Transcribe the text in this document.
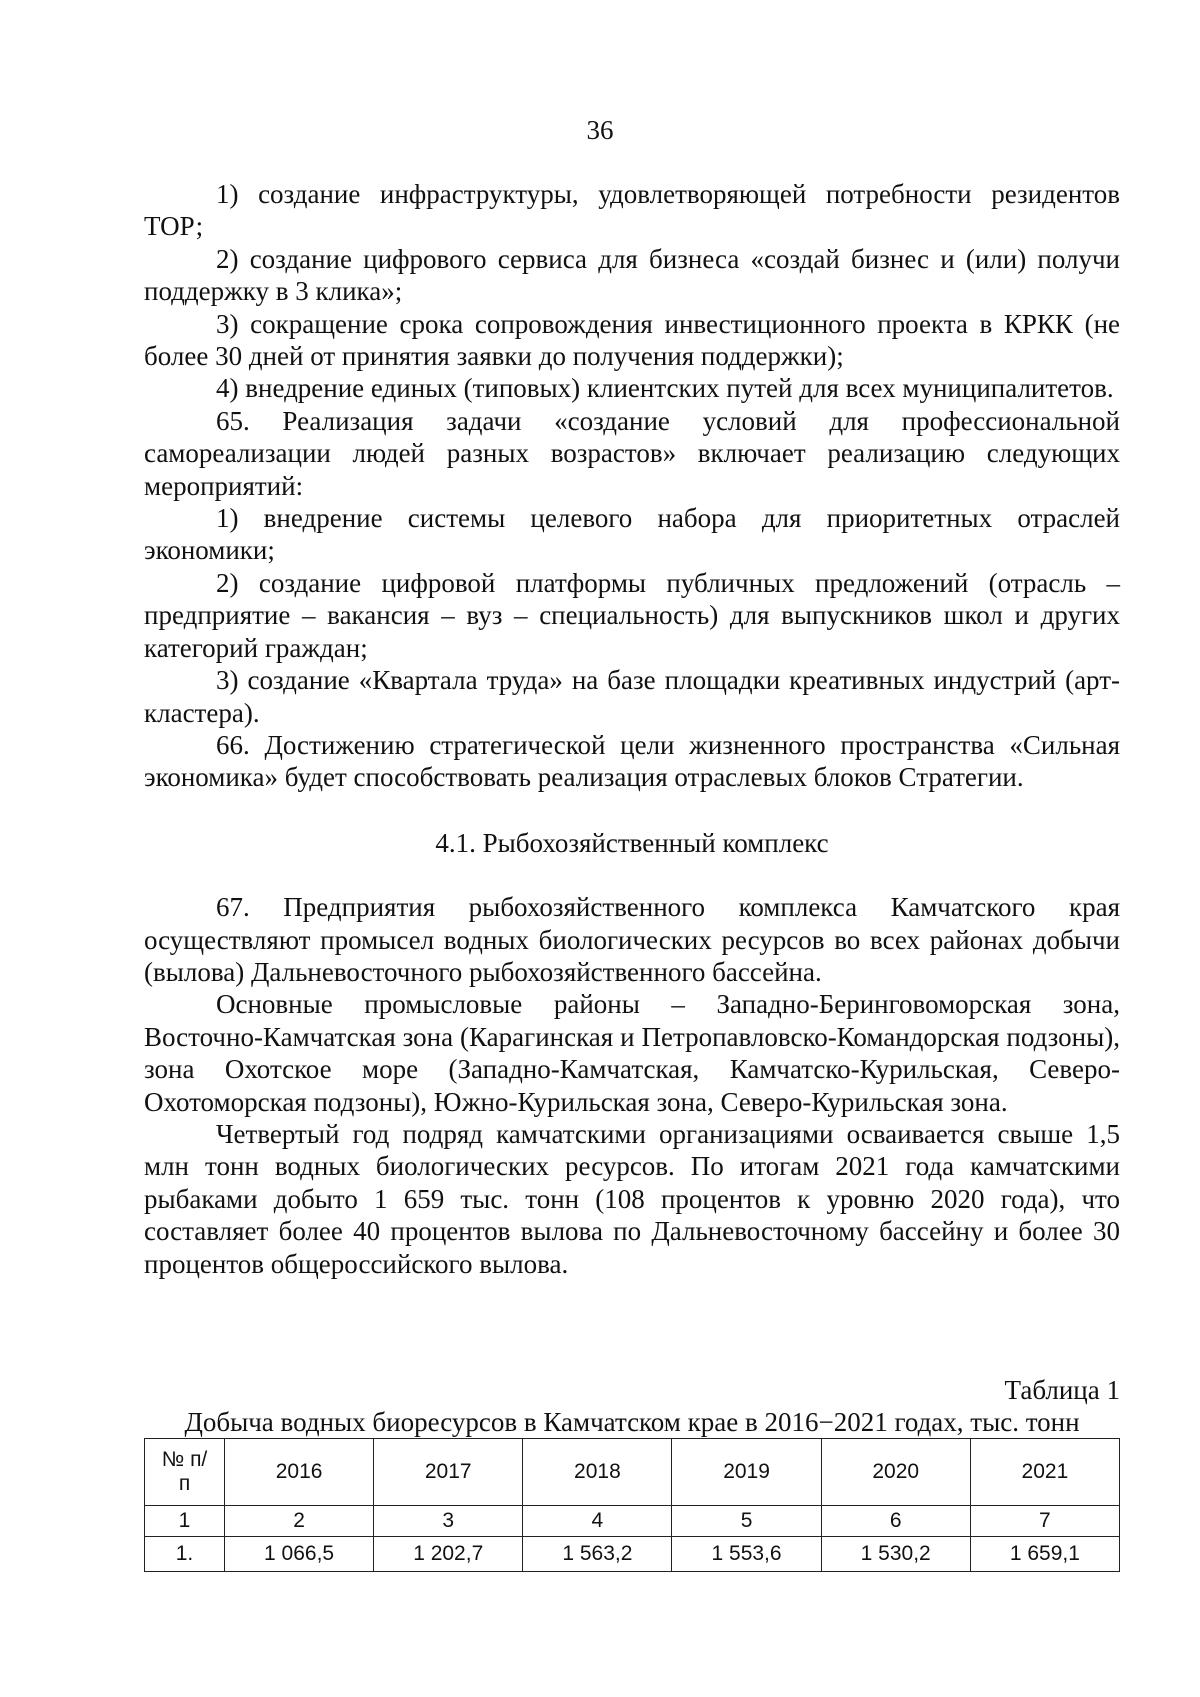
36

1) создание инфраструктуры, удовлетворяющей потребности резидентов ТОР;

2) создание цифрового сервиса для бизнеса «создай бизнес и (или) получи поддержку в 3 клика»;

3) сокращение срока сопровождения инвестиционного проекта в КРКК (не более 30 дней от принятия заявки до получения поддержки);

4) внедрение единых (типовых) клиентских путей для всех муниципалитетов.

65. Реализация задачи «создание условий для профессиональной самореализации людей разных возрастов» включает реализацию следующих мероприятий:

1) внедрение системы целевого набора для приоритетных отраслей экономики;

2) создание цифровой платформы публичных предложений (отрасль – предприятие – вакансия – вуз – специальность) для выпускников школ и других категорий граждан;

3) создание «Квартала труда» на базе площадки креативных индустрий (арт-кластера).

66. Достижению стратегической цели жизненного пространства «Сильная экономика» будет способствовать реализация отраслевых блоков Стратегии.

4.1. Рыбохозяйственный комплекс

67. Предприятия рыбохозяйственного комплекса Камчатского края осуществляют промысел водных биологических ресурсов во всех районах добычи (вылова) Дальневосточного рыбохозяйственного бассейна.

Основные промысловые районы – Западно-Беринговоморская зона, Восточно-Камчатская зона (Карагинская и Петропавловско-Командорская подзоны), зона Охотское море (Западно-Камчатская, Камчатско-Курильская, Северо-Охотоморская подзоны), Южно-Курильская зона, Северо-Курильская зона.

Четвертый год подряд камчатскими организациями осваивается свыше 1,5 млн тонн водных биологических ресурсов. По итогам 2021 года камчатскими рыбаками добыто 1 659 тыс. тонн (108 процентов к уровню 2020 года), что составляет более 40 процентов вылова по Дальневосточному бассейну и более 30 процентов общероссийского вылова.

Таблица 1
Добыча водных биоресурсов в Камчатском крае в 2016−2021 годах, тыс. тонн
№ п/п	2016	2017	2018	2019	2020	2021
1	2	3	4	5	6	7
1.	1 066,5	1 202,7	1 563,2	1 553,6	1 530,2	1 659,1
